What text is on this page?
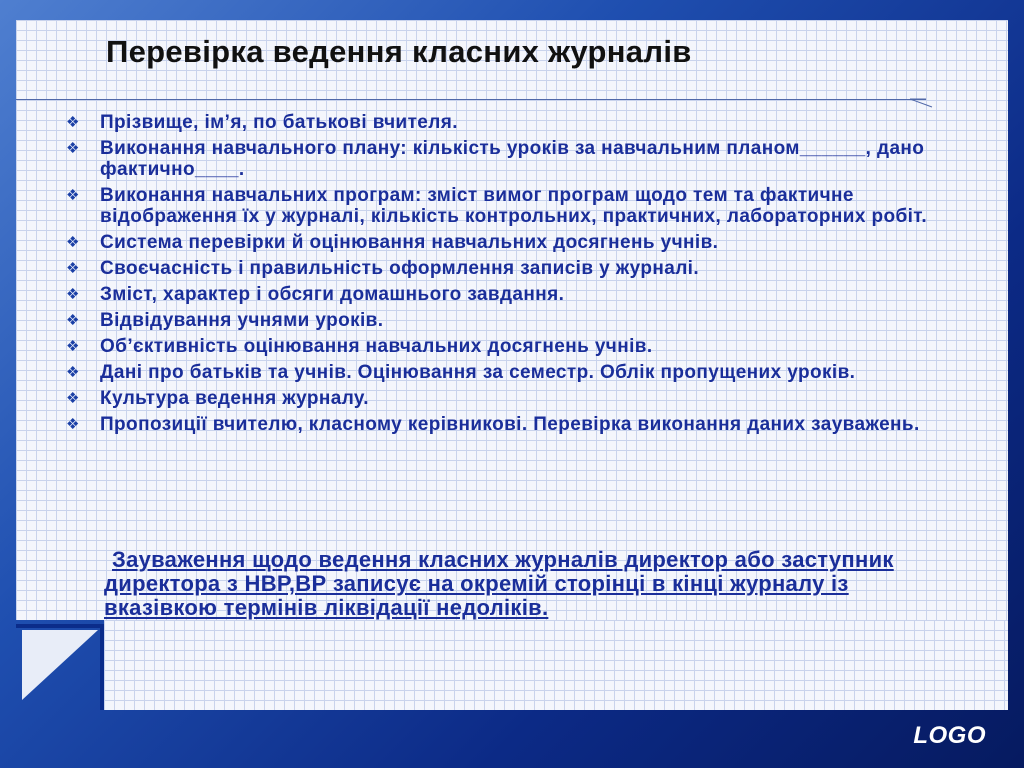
Перевірка ведення класних журналів
❖	Прізвище, ім’я, по батькові вчителя.
❖	Виконання навчального плану: кількість уроків за навчальним планом______, дано фактично____.
❖	Виконання навчальних програм: зміст вимог програм щодо тем та фактичне відображення їх у журналі, кількість контрольних, практичних, лабораторних робіт.
❖	Система перевірки й оцінювання навчальних досягнень учнів.
❖	Своєчасність і правильність оформлення записів у журналі.
❖	Зміст, характер і обсяги домашнього завдання.
❖	Відвідування учнями уроків.
❖	Об’єктивність оцінювання навчальних досягнень учнів.
❖	Дані про батьків та учнів. Оцінювання за семестр. Облік пропущених уроків.
❖	Культура ведення журналу.
❖	Пропозиції вчителю, класному керівникові. Перевірка виконання даних зауважень.

Зауваження щодо ведення класних журналів директор або заступник директора з НВР,ВР записує на окремій сторінці в кінці журналу із вказівкою термінів ліквідації недоліків.

LOGO
